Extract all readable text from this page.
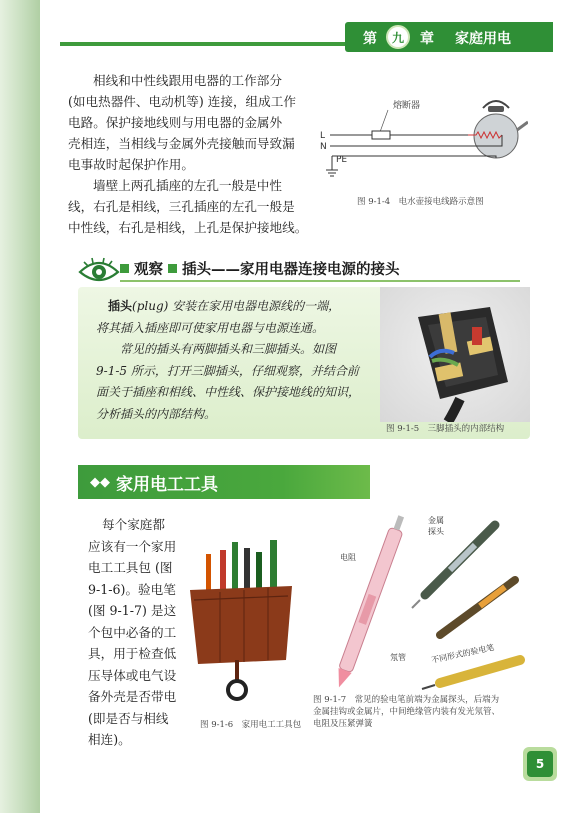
第 九 章 家庭用电
相线和中性线跟用电器的工作部分
(如电热器件、电动机等) 连接，组成工作
电路。保护接地线则与用电器的金属外
壳相连，当相线与金属外壳接触而导致漏
电事故时起保护作用。
墙壁上两孔插座的左孔一般是中性
线，右孔是相线，三孔插座的左孔一般是
中性线，右孔是相线，上孔是保护接地线。
熔断器
L
N
PE
图 9-1-4　电水壶接电线路示意图
观察 插头——家用电器连接电源的接头
插头(plug) 安装在家用电器电源线的一端，
将其插入插座即可使家用电器与电源连通。
常见的插头有两脚插头和三脚插头。如图
9-1-5 所示，打开三脚插头，仔细观察，并结合前
面关于插座和相线、中性线、保护接地线的知识，
分析插头的内部结构。
图 9-1-5　三脚插头的内部结构
◆◆ 家用电工工具
每个家庭都
应该有一个家用
电工工具包 (图
9-1-6)。验电笔
(图 9-1-7) 是这
个包中必备的工
具，用于检查低
压导体或电气设
备外壳是否带电
(即是否与相线
相连)。
图 9-1-6　家用电工工具包
金属
探头
电阻
氖管	不同形式的验电笔
图 9-1-7　常见的验电笔前端为金属探头，后端为
金属挂钩或金属片，中间绝缘管内装有发光氖管、
电阻及压紧弹簧
5
